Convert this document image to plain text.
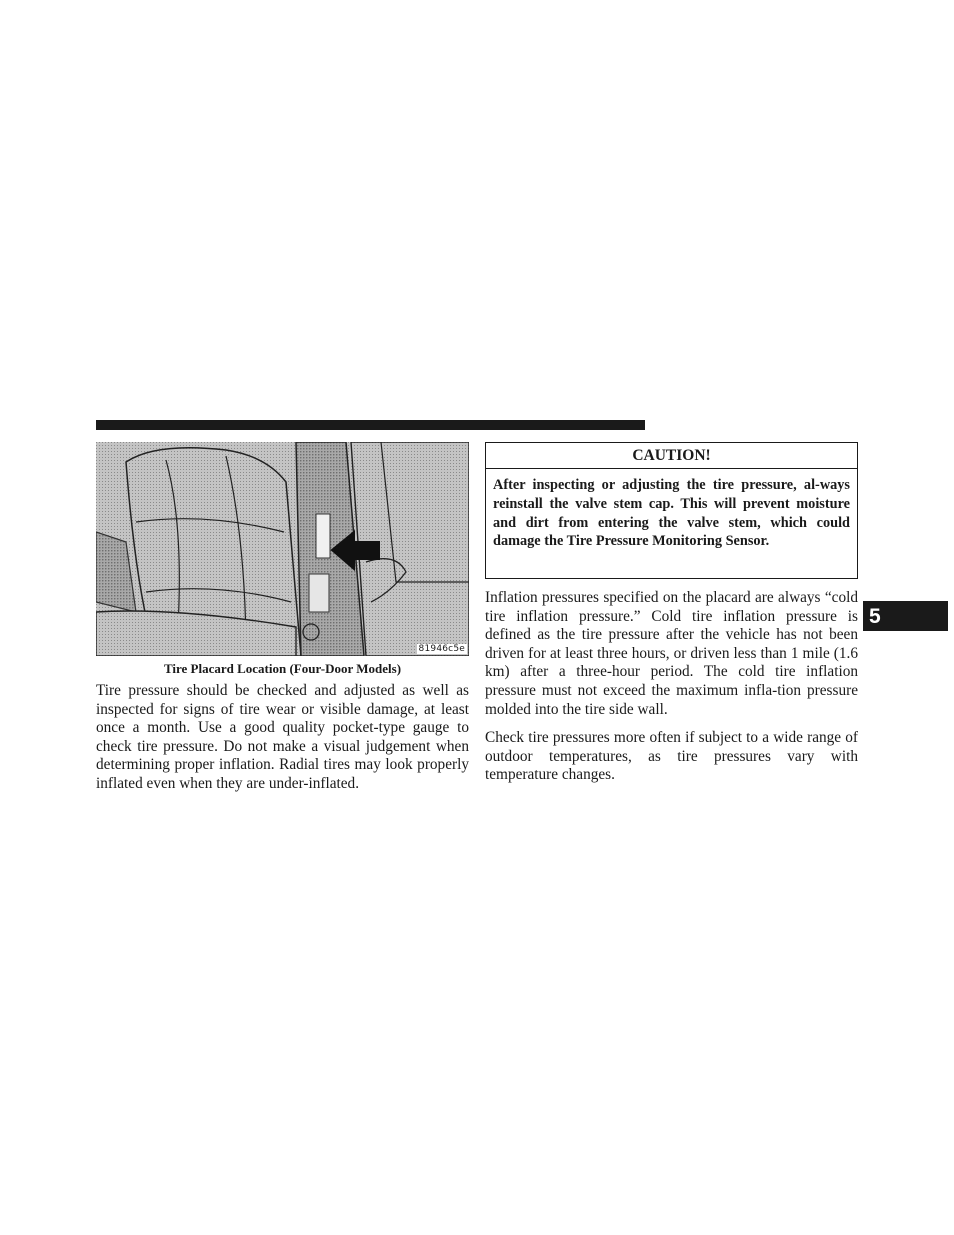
81946c5e
Tire Placard Location (Four-Door Models)

Tire pressure should be checked and adjusted as well as inspected for signs of tire wear or visible damage, at least once a month. Use a good quality pocket-type gauge to check tire pressure. Do not make a visual judgement when determining proper inflation. Radial tires may look properly inflated even when they are under-inflated.

CAUTION!
After inspecting or adjusting the tire pressure, al-ways reinstall the valve stem cap. This will prevent moisture and dirt from entering the valve stem, which could damage the Tire Pressure Monitoring Sensor.

Inflation pressures specified on the placard are always “cold tire inflation pressure.” Cold tire inflation pressure is defined as the tire pressure after the vehicle has not been driven for at least three hours, or driven less than 1 mile (1.6 km) after a three-hour period. The cold tire inflation pressure must not exceed the maximum infla-tion pressure molded into the tire side wall.

Check tire pressures more often if subject to a wide range of outdoor temperatures, as tire pressures vary with temperature changes.

5
